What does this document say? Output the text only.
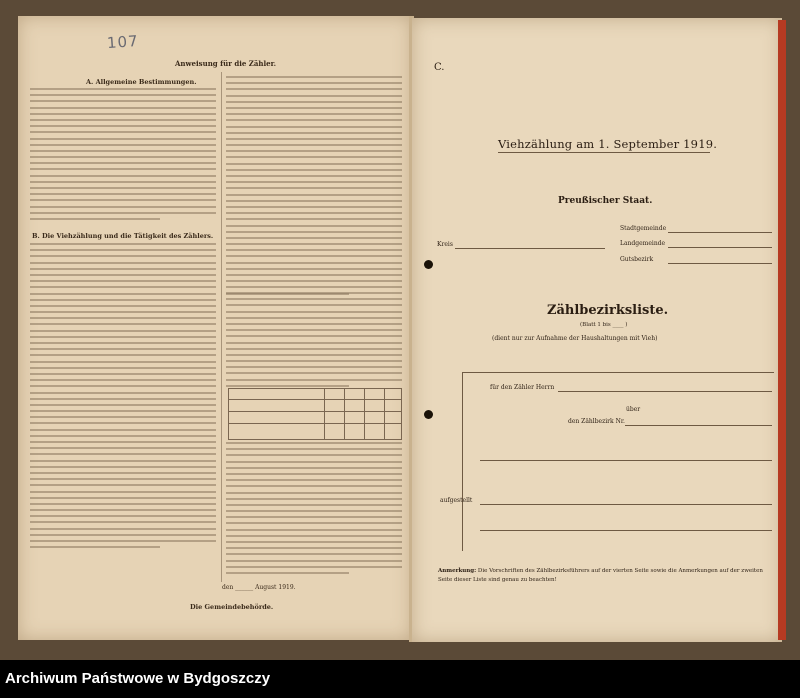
107
Anweisung für die Zähler.
A. Allgemeine Bestimmungen.
B. Die Viehzählung und die Tätigkeit des Zählers.
den ______ August 1919.
Die Gemeindebehörde.
C.
Viehzählung am 1. September 1919.
Preußischer Staat.
Kreis
Stadtgemeinde
Landgemeinde
Gutsbezirk
Zählbezirksliste.
(Blatt 1 bis ____ )
(dient nur zur Aufnahme der Haushaltungen mit Vieh)
für den Zähler Herrn
über
den Zählbezirk Nr.
aufgestellt
Anmerkung: Die Vorschriften des Zählbezirksführers auf der vierten Seite sowie die Anmerkungen auf der zweiten Seite dieser Liste sind genau zu beachten!
Archiwum Państwowe w Bydgoszczy
